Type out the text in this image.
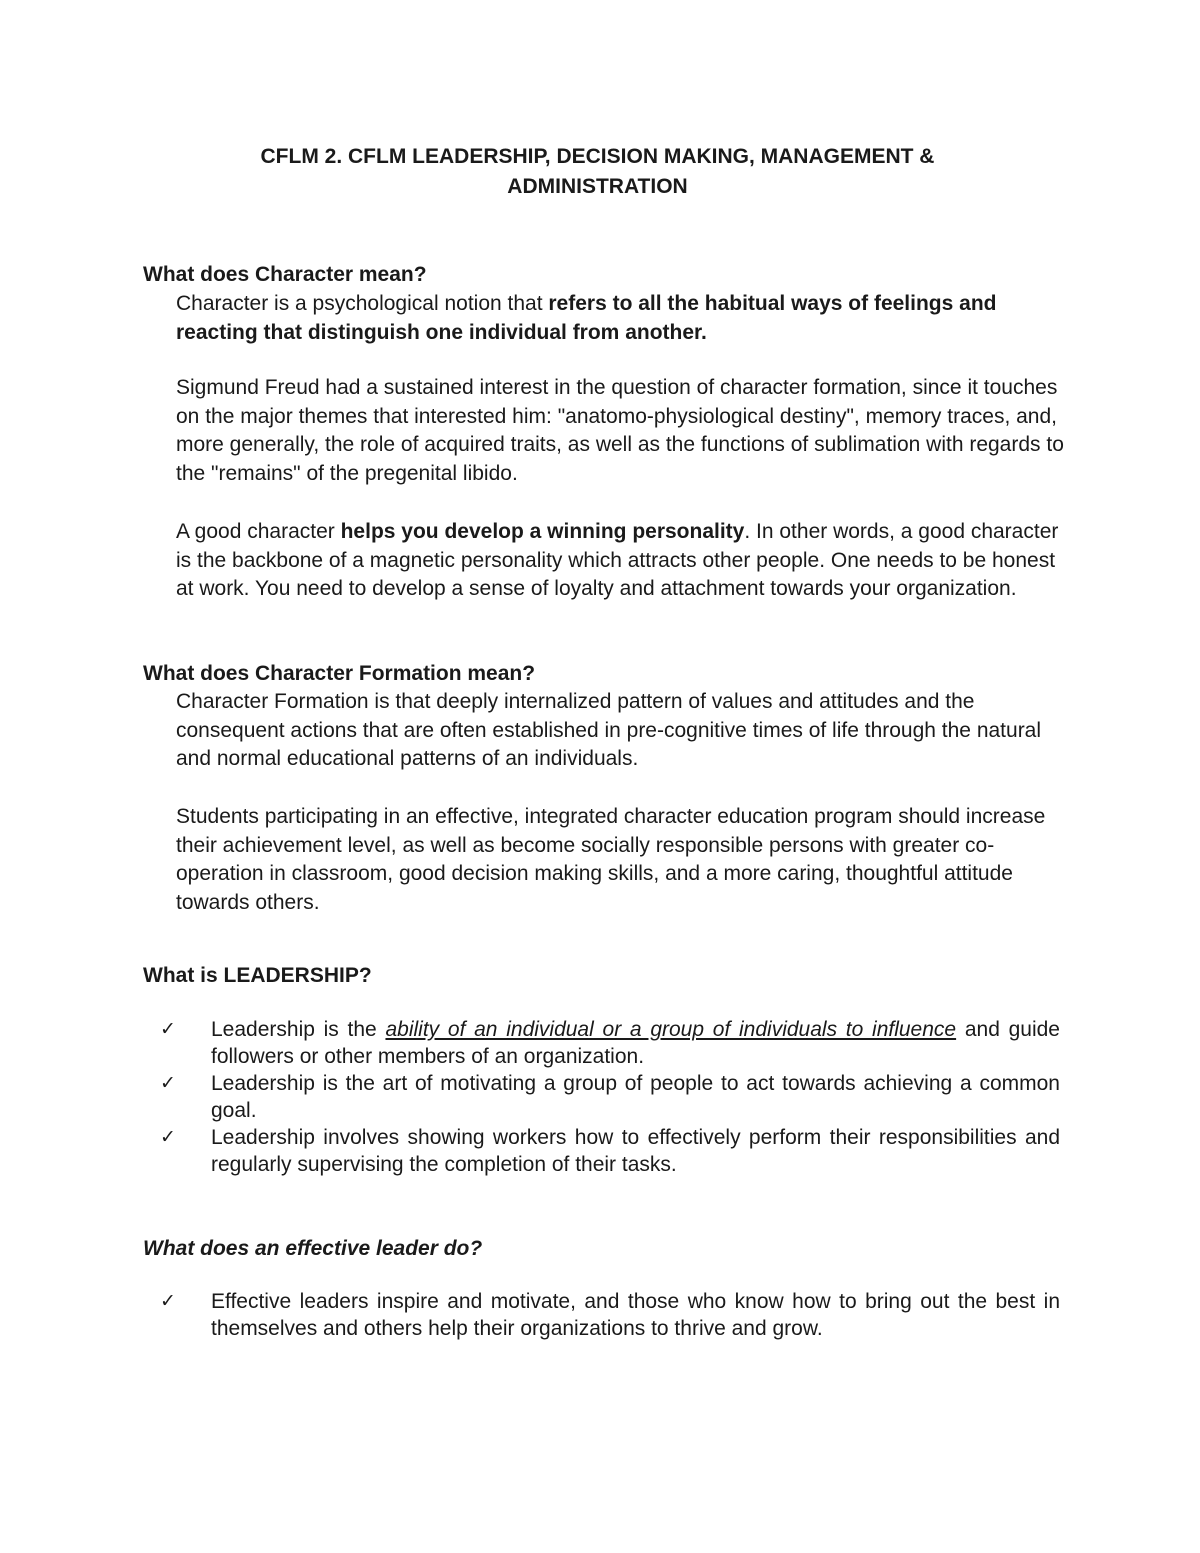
CFLM 2. CFLM LEADERSHIP, DECISION MAKING, MANAGEMENT &
ADMINISTRATION
What does Character mean?

Character is a psychological notion that refers to all the habitual ways of feelings and reacting that distinguish one individual from another.

Sigmund Freud had a sustained interest in the question of character formation, since it touches on the major themes that interested him: "anatomo-physiological destiny", memory traces, and, more generally, the role of acquired traits, as well as the functions of sublimation with regards to the "remains" of the pregenital libido.

A good character helps you develop a winning personality. In other words, a good character is the backbone of a magnetic personality which attracts other people. One needs to be honest at work. You need to develop a sense of loyalty and attachment towards your organization.

What does Character Formation mean?

Character Formation is that deeply internalized pattern of values and attitudes and the consequent actions that are often established in pre-cognitive times of life through the natural and normal educational patterns of an individuals.

Students participating in an effective, integrated character education program should increase their achievement level, as well as become socially responsible persons with greater co-operation in classroom, good decision making skills, and a more caring, thoughtful attitude towards others.

What is LEADERSHIP?
✓ Leadership is the ability of an individual or a group of individuals to influence and guide followers or other members of an organization.
✓ Leadership is the art of motivating a group of people to act towards achieving a common goal.
✓ Leadership involves showing workers how to effectively perform their responsibilities and regularly supervising the completion of their tasks.
What does an effective leader do?
✓ Effective leaders inspire and motivate, and those who know how to bring out the best in themselves and others help their organizations to thrive and grow.
